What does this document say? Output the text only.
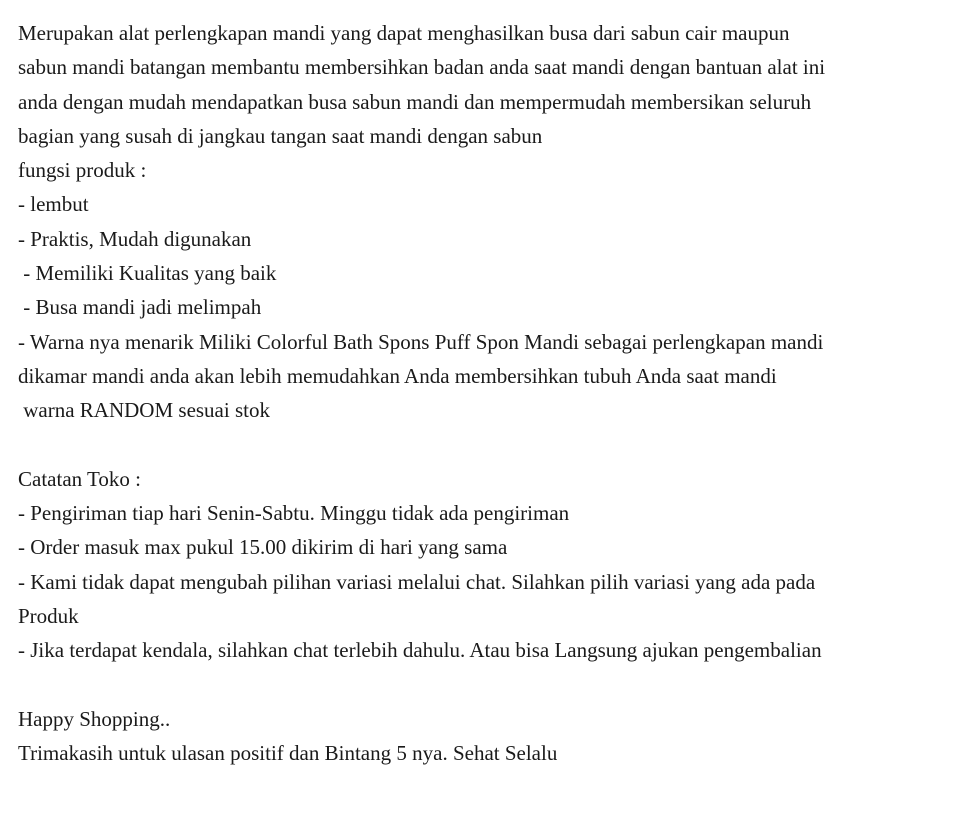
Merupakan alat perlengkapan mandi yang dapat menghasilkan busa dari sabun cair maupun
sabun mandi batangan membantu membersihkan badan anda saat mandi dengan bantuan alat ini
anda dengan mudah mendapatkan busa sabun mandi dan mempermudah membersikan seluruh
bagian yang susah di jangkau tangan saat mandi dengan sabun
fungsi produk :
- lembut
- Praktis, Mudah digunakan
- Memiliki Kualitas yang baik
- Busa mandi jadi melimpah
- Warna nya menarik Miliki Colorful Bath Spons Puff Spon Mandi sebagai perlengkapan mandi
dikamar mandi anda akan lebih memudahkan Anda membersihkan tubuh Anda saat mandi
warna RANDOM sesuai stok
Catatan Toko :
- Pengiriman tiap hari Senin-Sabtu. Minggu tidak ada pengiriman
- Order masuk max pukul 15.00 dikirim di hari yang sama
- Kami tidak dapat mengubah pilihan variasi melalui chat. Silahkan pilih variasi yang ada pada
Produk
- Jika terdapat kendala, silahkan chat terlebih dahulu. Atau bisa Langsung ajukan pengembalian
Happy Shopping..
Trimakasih untuk ulasan positif dan Bintang 5 nya. Sehat Selalu
